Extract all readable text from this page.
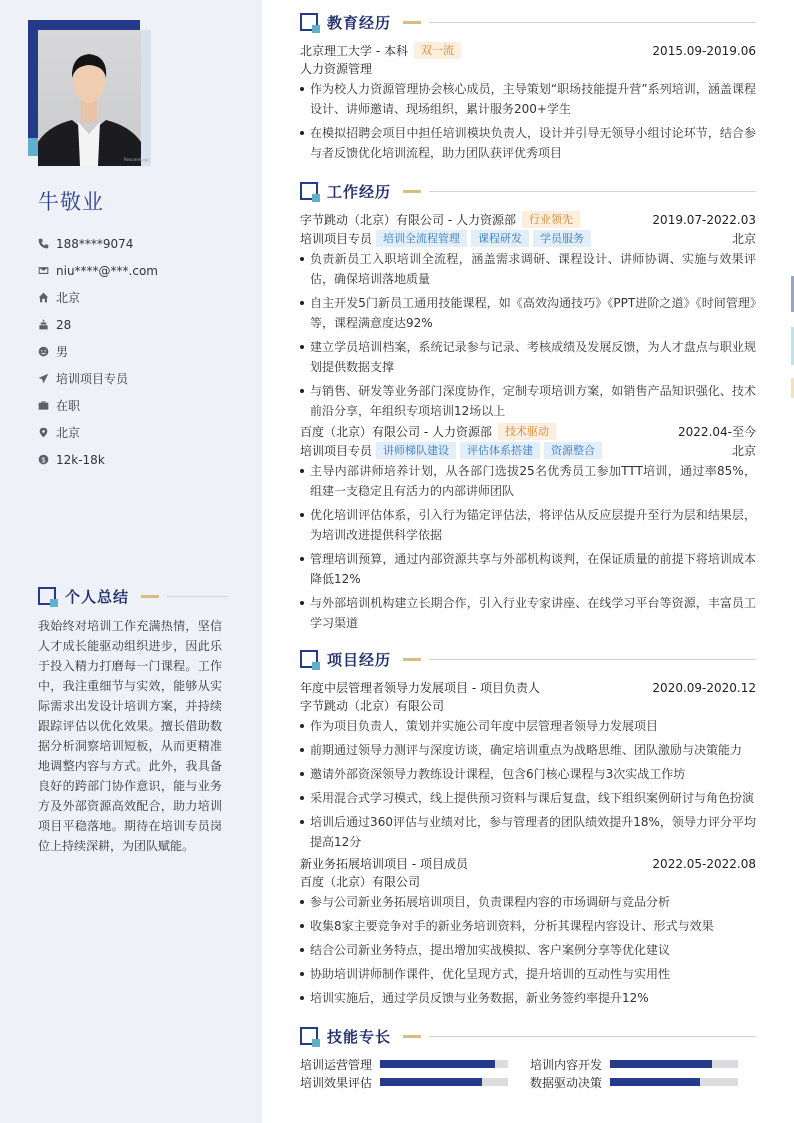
ResumeLogo
牛敬业
188****9074
niu****@***.com
北京
28
男
培训项目专员
在职
北京
$ 12k-18k
个人总结
我始终对培训工作充满热情，坚信人才成长能驱动组织进步，因此乐于投入精力打磨每一门课程。工作中，我注重细节与实效，能够从实际需求出发设计培训方案，并持续跟踪评估以优化效果。擅长借助数据分析洞察培训短板，从而更精准地调整内容与方式。此外，我具备良好的跨部门协作意识，能与业务方及外部资源高效配合，助力培训项目平稳落地。期待在培训专员岗位上持续深耕，为团队赋能。
教育经历
北京理工大学 - 本科	双一流	2015.09-2019.06
人力资源管理
作为校人力资源管理协会核心成员，主导策划“职场技能提升营”系列培训，涵盖课程设计、讲师邀请、现场组织，累计服务200+学生
在模拟招聘会项目中担任培训模块负责人，设计并引导无领导小组讨论环节，结合参与者反馈优化培训流程，助力团队获评优秀项目
工作经历
字节跳动（北京）有限公司 - 人力资源部	行业领先	2019.07-2022.03
培训项目专员	培训全流程管理	课程研发	学员服务	北京
负责新员工入职培训全流程，涵盖需求调研、课程设计、讲师协调、实施与效果评估，确保培训落地质量
自主开发5门新员工通用技能课程，如《高效沟通技巧》《PPT进阶之道》《时间管理》等，课程满意度达92%
建立学员培训档案，系统记录参与记录、考核成绩及发展反馈，为人才盘点与职业规划提供数据支撑
与销售、研发等业务部门深度协作，定制专项培训方案，如销售产品知识强化、技术前沿分享，年组织专项培训12场以上
百度（北京）有限公司 - 人力资源部	技术驱动	2022.04-至今
培训项目专员	讲师梯队建设	评估体系搭建	资源整合	北京
主导内部讲师培养计划，从各部门选拔25名优秀员工参加TTT培训，通过率85%，组建一支稳定且有活力的内部讲师团队
优化培训评估体系，引入行为锚定评估法，将评估从反应层提升至行为层和结果层，为培训改进提供科学依据
管理培训预算，通过内部资源共享与外部机构谈判，在保证质量的前提下将培训成本降低12%
与外部培训机构建立长期合作，引入行业专家讲座、在线学习平台等资源，丰富员工学习渠道
项目经历
年度中层管理者领导力发展项目 - 项目负责人	2020.09-2020.12
字节跳动（北京）有限公司
作为项目负责人，策划并实施公司年度中层管理者领导力发展项目
前期通过领导力测评与深度访谈，确定培训重点为战略思维、团队激励与决策能力
邀请外部资深领导力教练设计课程，包含6门核心课程与3次实战工作坊
采用混合式学习模式，线上提供预习资料与课后复盘，线下组织案例研讨与角色扮演
培训后通过360评估与业绩对比，参与管理者的团队绩效提升18%，领导力评分平均提高12分
新业务拓展培训项目 - 项目成员	2022.05-2022.08
百度（北京）有限公司
参与公司新业务拓展培训项目，负责课程内容的市场调研与竞品分析
收集8家主要竞争对手的新业务培训资料，分析其课程内容设计、形式与效果
结合公司新业务特点，提出增加实战模拟、客户案例分享等优化建议
协助培训讲师制作课件，优化呈现方式，提升培训的互动性与实用性
培训实施后，通过学员反馈与业务数据，新业务签约率提升12%
技能专长
培训运营管理	培训内容开发
培训效果评估	数据驱动决策
